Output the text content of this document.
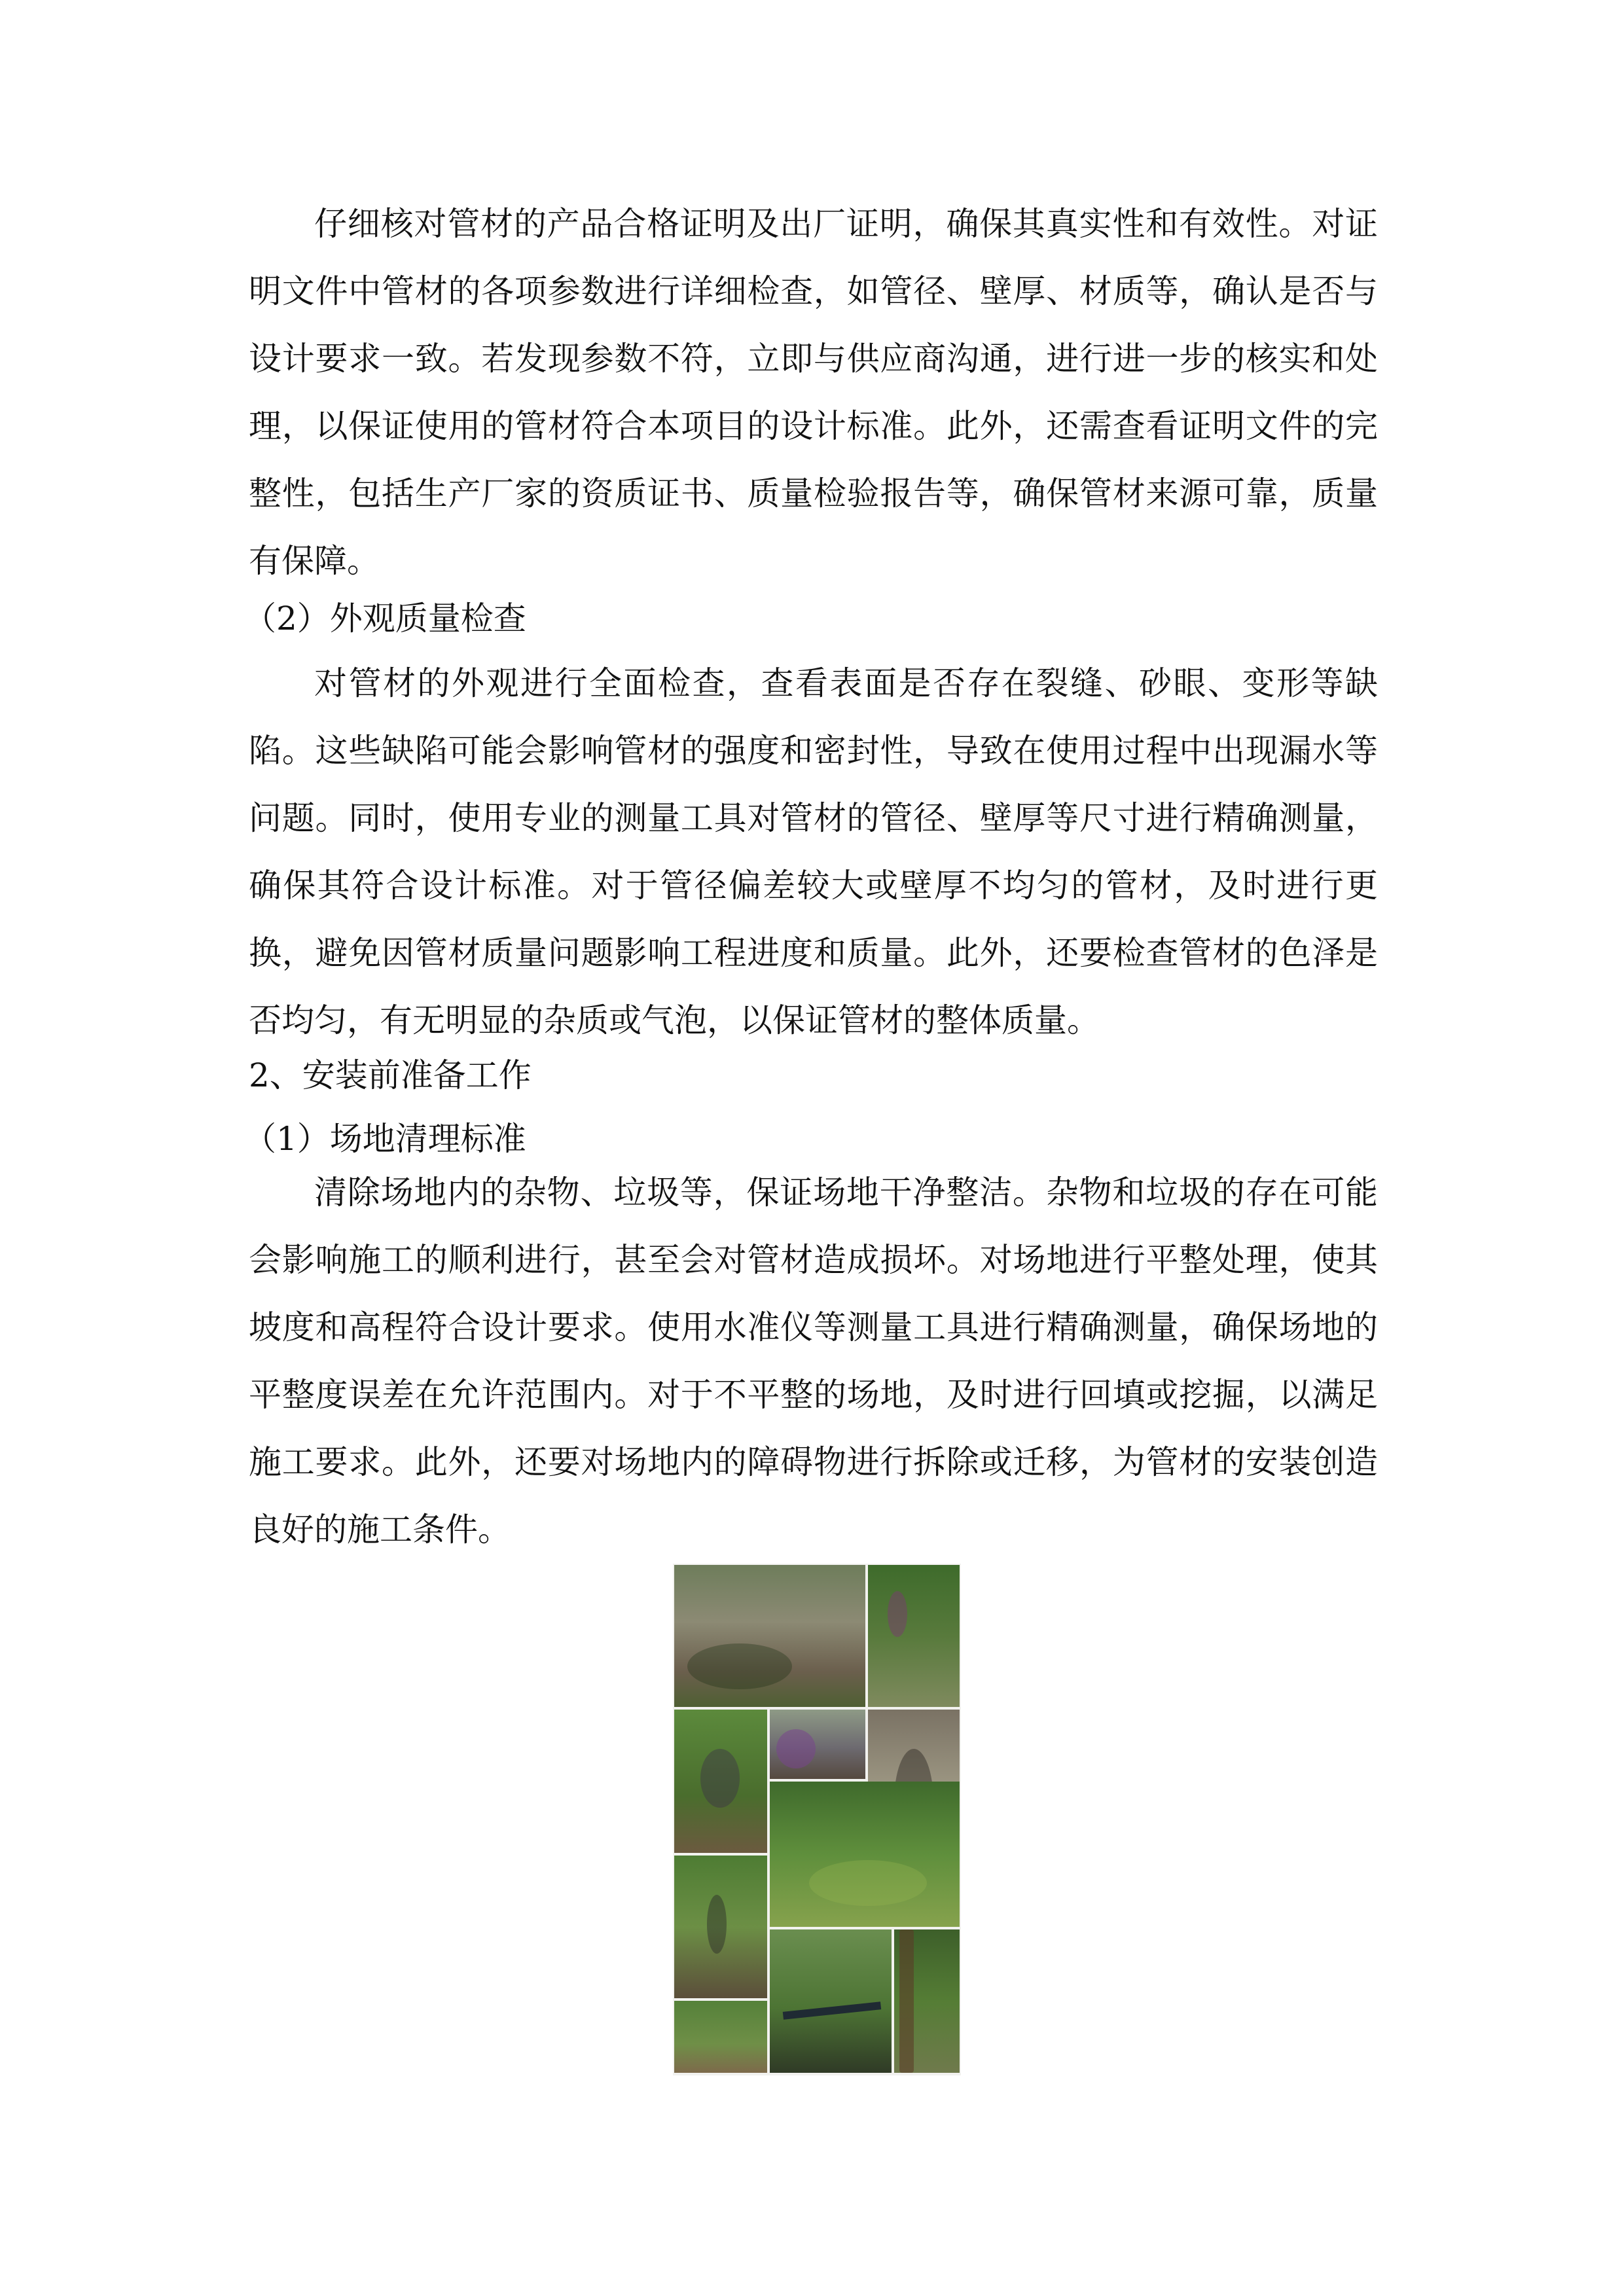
仔细核对管材的产品合格证明及出厂证明，确保其真实性和有效性。对证明文件中管材的各项参数进行详细检查，如管径、壁厚、材质等，确认是否与设计要求一致。若发现参数不符，立即与供应商沟通，进行进一步的核实和处理，以保证使用的管材符合本项目的设计标准。此外，还需查看证明文件的完整性，包括生产厂家的资质证书、质量检验报告等，确保管材来源可靠，质量有保障。

（2）外观质量检查

对管材的外观进行全面检查，查看表面是否存在裂缝、砂眼、变形等缺陷。这些缺陷可能会影响管材的强度和密封性，导致在使用过程中出现漏水等问题。同时，使用专业的测量工具对管材的管径、壁厚等尺寸进行精确测量，确保其符合设计标准。对于管径偏差较大或壁厚不均匀的管材，及时进行更换，避免因管材质量问题影响工程进度和质量。此外，还要检查管材的色泽是否均匀，有无明显的杂质或气泡，以保证管材的整体质量。

2、安装前准备工作

（1）场地清理标准

清除场地内的杂物、垃圾等，保证场地干净整洁。杂物和垃圾的存在可能会影响施工的顺利进行，甚至会对管材造成损坏。对场地进行平整处理，使其坡度和高程符合设计要求。使用水准仪等测量工具进行精确测量，确保场地的平整度误差在允许范围内。对于不平整的场地，及时进行回填或挖掘，以满足施工要求。此外，还要对场地内的障碍物进行拆除或迁移，为管材的安装创造良好的施工条件。
